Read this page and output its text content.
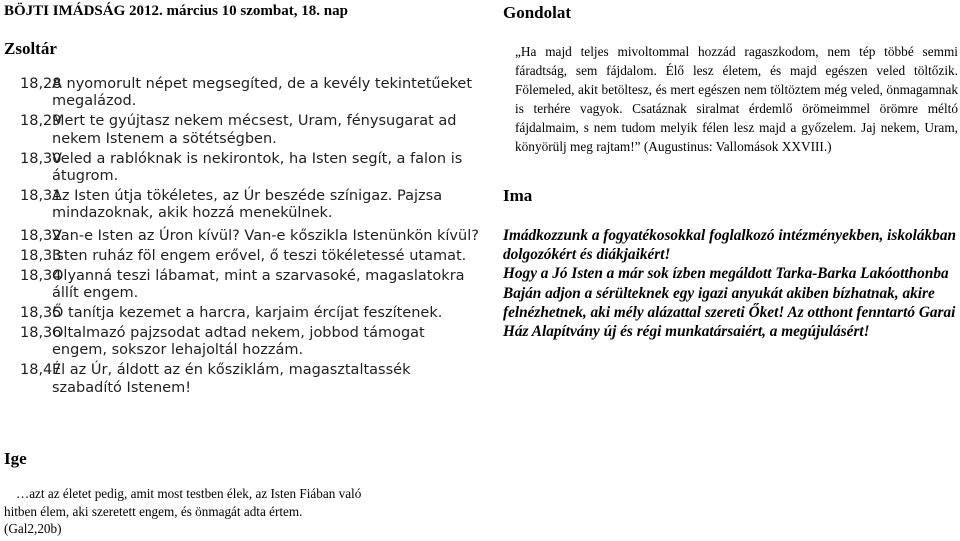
BÖJTI IMÁDSÁG 2012. március 10 szombat, 18. nap
Zsoltár
18,28
A nyomorult népet megsegíted, de a kevély tekintetűeket megalázod.
18,29
Mert te gyújtasz nekem mécsest, Uram, fénysugarat ad nekem Istenem a sötétségben.
18,30
Veled a rablóknak is nekirontok, ha Isten segít, a falon is átugrom.
18,31
Az Isten útja tökéletes, az Úr beszéde színigaz. Pajzsa mindazoknak, akik hozzá menekülnek.
18,32
Van-e Isten az Úron kívül? Van-e kőszikla Istenünkön kívül?
18,33
Isten ruház föl engem erővel, ő teszi tökéletessé utamat.
18,34
Olyanná teszi lábamat, mint a szarvasoké, magaslatokra állít engem.
18,35
Ő tanítja kezemet a harcra, karjaim ércíjat feszítenek.
18,36
Oltalmazó pajzsodat adtad nekem, jobbod támogat engem, sokszor lehajoltál hozzám.
18,47
Él az Úr, áldott az én kősziklám, magasztaltassék szabadító Istenem!
Ige
…azt az életet pedig, amit most testben élek, az Isten Fiában való
hitben élem, aki szeretett engem, és önmagát adta értem.
(Gal2,20b)
Gondolat
„Ha majd teljes mivoltommal hozzád ragaszkodom, nem tép többé semmi fáradtság, sem fájdalom. Élő lesz életem, és majd egészen veled töltőzik. Fölemeled, akit betöltesz, és mert egészen nem töltöztem még veled, önmagamnak is terhére vagyok. Csatáznak siralmat érdemlő örömeimmel örömre méltó fájdalmaim, s nem tudom melyik félen lesz majd a győzelem. Jaj nekem, Uram, könyörülj meg rajtam!” (Augustinus: Vallomások XXVIII.)
Ima
Imádkozzunk a fogyatékosokkal foglalkozó intézményekben, iskolákban dolgozókért és diákjaikért!
Hogy a Jó Isten a már sok ízben megáldott Tarka-Barka Lakóotthonba Baján adjon a sérülteknek egy igazi anyukát akiben bízhatnak, akire felnézhetnek, aki mély alázattal szereti Őket! Az otthont fenntartó Garai Ház Alapítvány új és régi munkatársaiért, a megújulásért!
